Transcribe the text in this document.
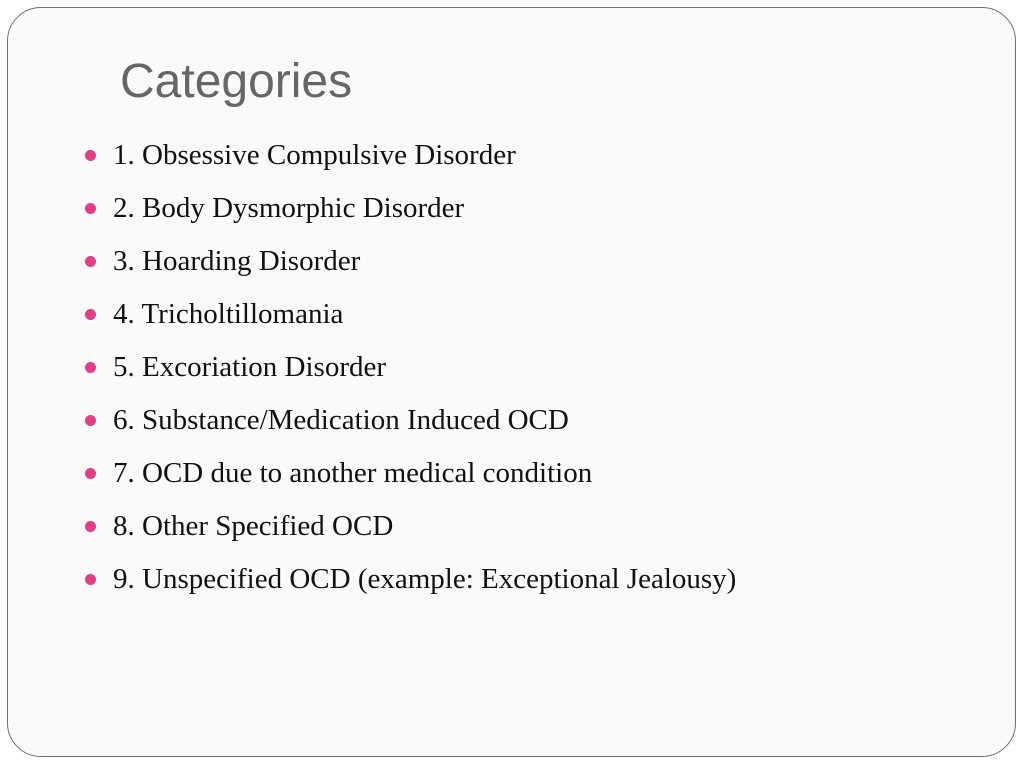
Categories
1. Obsessive Compulsive Disorder
2. Body Dysmorphic Disorder
3. Hoarding Disorder
4. Tricholtillomania
5. Excoriation Disorder
6. Substance/Medication Induced OCD
7. OCD due to another medical condition
8. Other Specified OCD
9. Unspecified OCD (example: Exceptional Jealousy)
